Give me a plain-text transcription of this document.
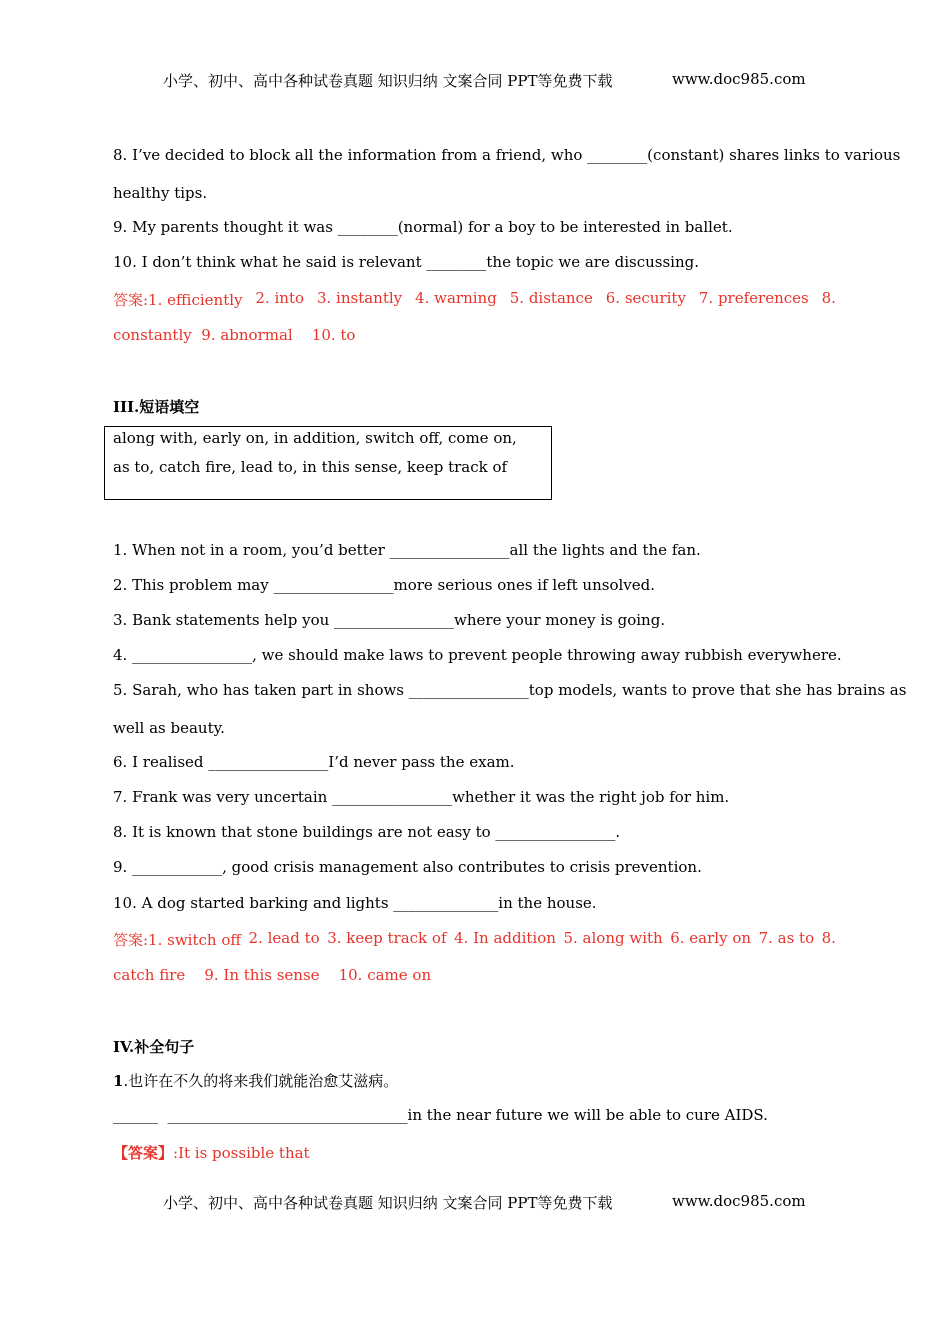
小学、初中、高中各种试卷真题 知识归纳 文案合同 PPT等免费下载	www.doc985.com
8. I’ve decided to block all the information from a friend, who ________(constant) shares links to various
healthy tips.
9. My parents thought it was ________(normal) for a boy to be interested in ballet.
10. I don’t think what he said is relevant ________the topic we are discussing.
答案:1. efficiently 2. into 3. instantly 4. warning 5. distance 6. security 7. preferences 8.
constantly  9. abnormal    10. to
III.短语填空
along with, early on, in addition, switch off, come on,
as to, catch fire, lead to, in this sense, keep track of
1. When not in a room, you’d better ________________all the lights and the fan.
2. This problem may ________________more serious ones if left unsolved.
3. Bank statements help you ________________where your money is going.
4. ________________, we should make laws to prevent people throwing away rubbish everywhere.
5. Sarah, who has taken part in shows ________________top models, wants to prove that she has brains as
well as beauty.
6. I realised ________________I’d never pass the exam.
7. Frank was very uncertain ________________whether it was the right job for him.
8. It is known that stone buildings are not easy to ________________.
9. ____________, good crisis management also contributes to crisis prevention.
10. A dog started barking and lights ______________in the house.
答案:1. switch off 2. lead to 3. keep track of 4. In addition 5. along with 6. early on 7. as to 8.
catch fire    9. In this sense    10. came on
IV.补全句子
1.也许在不久的将来我们就能治愈艾滋病。
______  ________________________________in the near future we will be able to cure AIDS.
【答案】:It is possible that
小学、初中、高中各种试卷真题 知识归纳 文案合同 PPT等免费下载	www.doc985.com
